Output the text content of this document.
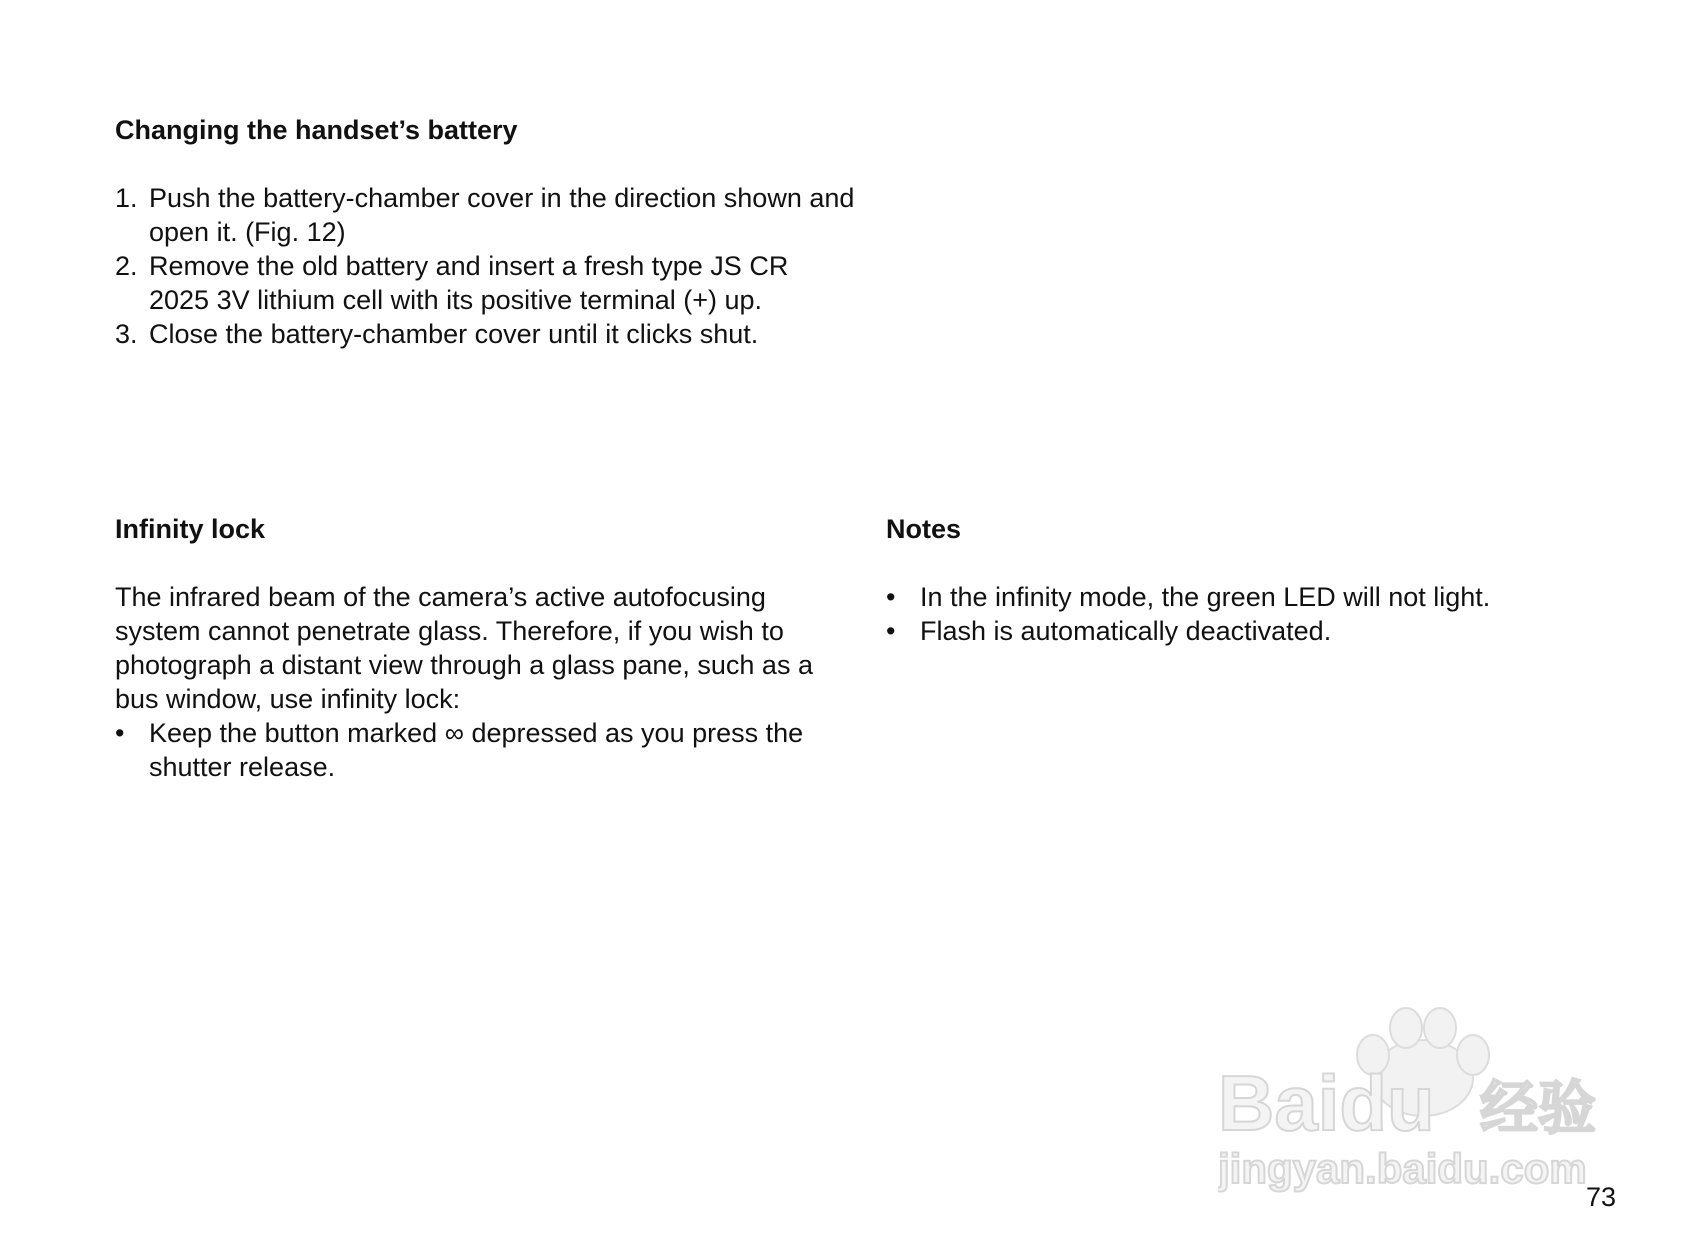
Changing the handset’s battery
1. Push the battery-chamber cover in the direction shown and open it. (Fig. 12)
2. Remove the old battery and insert a fresh type JS CR 2025 3V lithium cell with its positive terminal (+) up.
3. Close the battery-chamber cover until it clicks shut.
Infinity lock

The infrared beam of the camera’s active autofocusing system cannot penetrate glass. Therefore, if you wish to photograph a distant view through a glass pane, such as a bus window, use infinity lock:

• Keep the button marked ∞ depressed as you press the shutter release.
Notes
• In the infinity mode, the green LED will not light.
• Flash is automatically deactivated.
Baidu 经验
jingyan.baidu.com
73
